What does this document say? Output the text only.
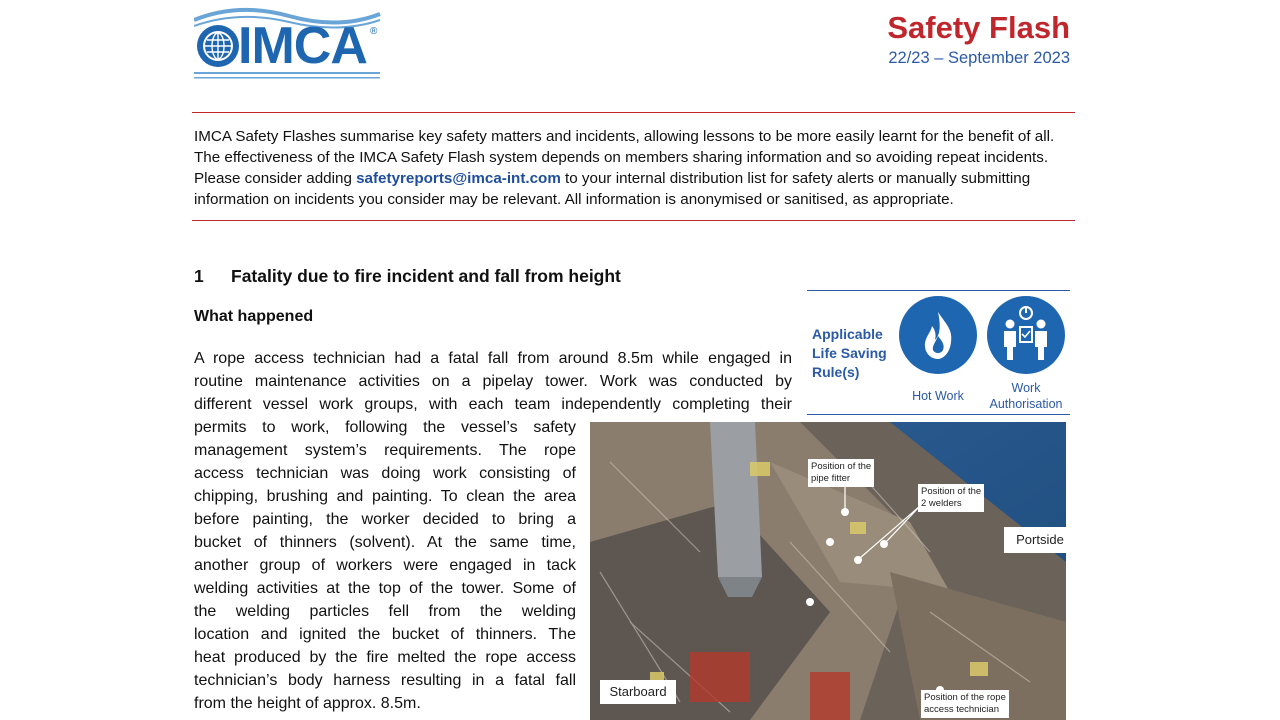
IMCA ®	Safety Flash
22/23 – September 2023
IMCA Safety Flashes summarise key safety matters and incidents, allowing lessons to be more easily learnt for the benefit of all.
The effectiveness of the IMCA Safety Flash system depends on members sharing information and so avoiding repeat incidents.
Please consider adding safetyreports@imca-int.com to your internal distribution list for safety alerts or manually submitting
information on incidents you consider may be relevant. All information is anonymised or sanitised, as appropriate.
1 Fatality due to fire incident and fall from height
What happened
A rope access technician had a fatal fall from around 8.5m while engaged in
routine maintenance activities on a pipelay tower. Work was conducted by
different vessel work groups, with each team independently completing their
permits to work, following the vessel’s safety
management system’s requirements. The rope
access technician was doing work consisting of
chipping, brushing and painting. To clean the area
before painting, the worker decided to bring a
bucket of thinners (solvent). At the same time,
another group of workers were engaged in tack
welding activities at the top of the tower. Some of
the welding particles fell from the welding
location and ignited the bucket of thinners. The
heat produced by the fire melted the rope access
technician’s body harness resulting in a fatal fall
from the height of approx. 8.5m.
Applicable
Life Saving
Rule(s)
Hot Work
Work
Authorisation
Position of the
pipe fitter
Position of the
2 welders
Position of the rope
access technician
Portside
Starboard
